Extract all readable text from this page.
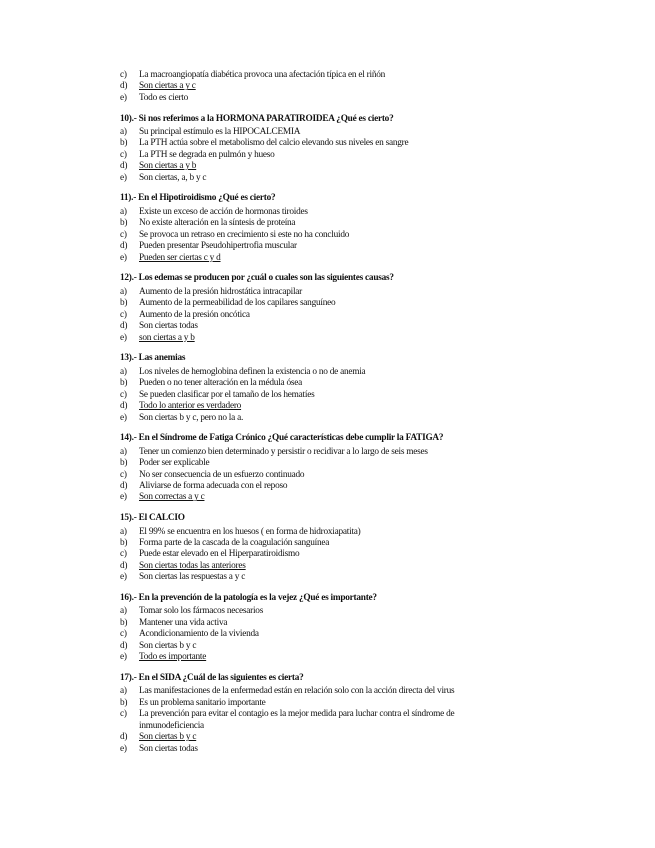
c)	La macroangiopatía diabética provoca una afectación típica en el riñón
d)	Son ciertas a y c
e)	Todo es cierto
10).- Si nos referimos a la HORMONA PARATIROIDEA ¿Qué es cierto?
a)	Su principal estímulo es la HIPOCALCEMIA
b)	La PTH actúa sobre el metabolismo del calcio elevando sus niveles en sangre
c)	La PTH se degrada en pulmón y hueso
d)	Son ciertas a y b
e)	Son ciertas, a, b y c
11).- En el Hipotiroidismo ¿Qué es cierto?
a)	Existe un exceso de acción de hormonas tiroides
b)	No existe alteración en la síntesis de proteína
c)	Se provoca un retraso en crecimiento si este no ha concluido
d)	Pueden presentar Pseudohipertrofia muscular
e)	Pueden ser ciertas c y d
12).- Los edemas se producen por ¿cuál o cuales son las siguientes causas?
a)	Aumento de la presión hidrostática intracapilar
b)	Aumento de la permeabilidad de los capilares sanguíneo
c)	Aumento de la presión oncótica
d)	Son ciertas todas
e)	son ciertas a y b
13).- Las anemias
a)	Los niveles de hemoglobina definen la existencia o no de anemia
b)	Pueden o no tener alteración en la médula ósea
c)	Se pueden clasificar por el tamaño de los hematíes
d)	Todo lo anterior es verdadero
e)	Son ciertas b y c, pero no la a.
14).- En el Síndrome de Fatiga Crónico ¿Qué características debe cumplir la FATIGA?
a)	Tener un comienzo bien determinado y persistir o recidivar a lo largo de seis meses
b)	Poder ser explicable
c)	No ser consecuencia de un esfuerzo continuado
d)	Aliviarse de forma adecuada con el reposo
e)	Son correctas a y c
15).- El CALCIO
a)	El 99% se encuentra en los huesos ( en forma de hidroxiapatita)
b)	Forma parte de la cascada de la coagulación sanguínea
c)	Puede estar elevado en el Hiperparatiroidismo
d)	Son ciertas todas las anteriores
e)	Son ciertas las respuestas a y c
16).- En la prevención de la patología es la vejez ¿Qué es importante?
a)	Tomar solo los fármacos necesarios
b)	Mantener una vida activa
c)	Acondicionamiento de la vivienda
d)	Son ciertas b y c
e)	Todo es importante
17).- En el SIDA ¿Cuál de las siguientes es cierta?
a)	Las manifestaciones de la enfermedad están en relación solo con la acción directa del virus
b)	Es un problema sanitario importante
c)	La prevención para evitar el contagio es la mejor medida para luchar contra el síndrome de inmunodeficiencia
d)	Son ciertas b y c
e)	Son ciertas todas
